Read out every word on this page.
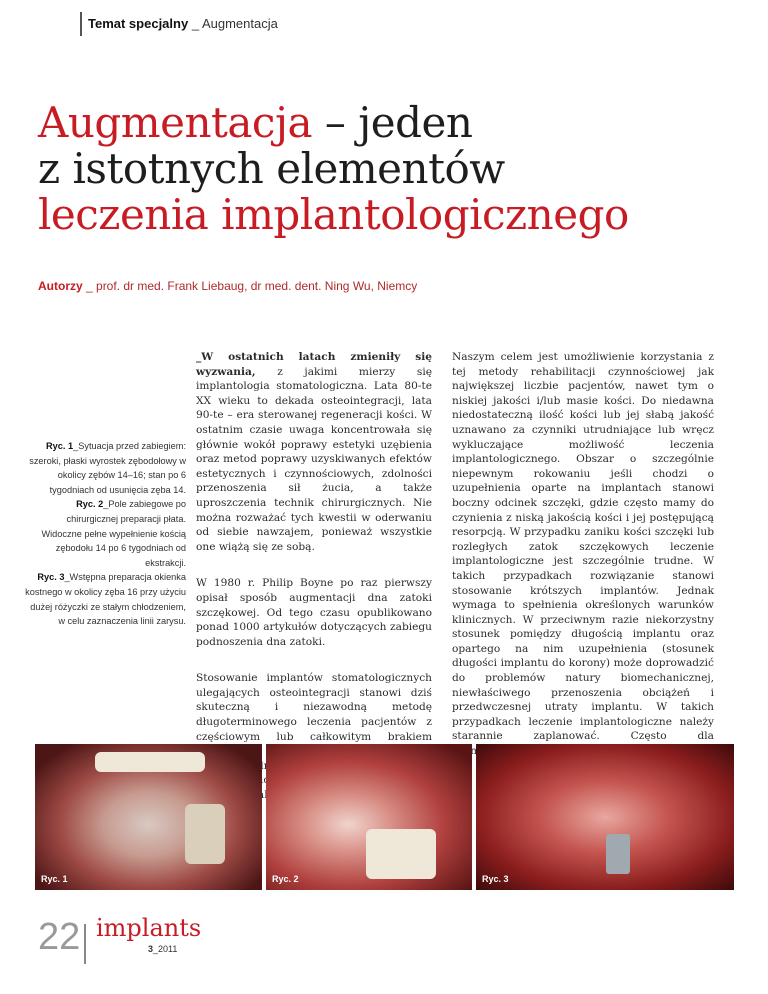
Temat specjalny _ Augmentacja
Augmentacja – jeden
z istotnych elementów
leczenia implantologicznego
Autorzy _ prof. dr med. Frank Liebaug, dr med. dent. Ning Wu, Niemcy

_W ostatnich latach zmieniły się wyzwania, z jakimi mierzy się implantologia stomatologiczna. Lata 80-te XX wieku to dekada osteointegracji, lata 90-te – era sterowanej regeneracji kości. W ostatnim czasie uwaga koncentrowała się głównie wokół poprawy estetyki uzębienia oraz metod poprawy uzyskiwanych efektów estetycznych i czynnościowych, zdolności przenoszenia sił żucia, a także uproszczenia technik chirurgicznych. Nie można rozważać tych kwestii w oderwaniu od siebie nawzajem, ponieważ wszystkie one wiążą się ze sobą.

W 1980 r. Philip Boyne po raz pierwszy opisał sposób augmentacji dna zatoki szczękowej. Od tego czasu opublikowano ponad 1000 artykułów dotyczących zabiegu podnoszenia dna zatoki.

Stosowanie implantów stomatologicznych ulegających osteointegracji stanowi dziś skuteczną i niezawodną metodę długoterminowego leczenia pacjentów z częściowym lub całkowitym brakiem

Naszym celem jest umożliwienie korzystania z tej metody rehabilitacji czynnościowej jak największej liczbie pacjentów, nawet tym o niskiej jakości i/lub masie kości. Do niedawna niedostateczną ilość kości lub jej słabą jakość uznawano za czynniki utrudniające lub wręcz wykluczające możliwość leczenia implantologicznego. Obszar o szczególnie niepewnym rokowaniu jeśli chodzi o uzupełnienia oparte na implantach stanowi boczny odcinek szczęki, gdzie często mamy do czynienia z niską jakością kości i jej postępującą resorpcją. W przypadku zaniku kości szczęki lub rozległych zatok szczękowych leczenie implantologiczne jest szczególnie trudne. W takich przypadkach rozwiązanie stanowi stosowanie krótszych implantów. Jednak wymaga to spełnienia określonych warunków klinicznych. W przeciwnym razie niekorzystny stosunek pomiędzy długością implantu oraz opartego na nim uzupełnienia (stosunek długości implantu do korony) może doprowadzić do problemów natury biomechanicznej, niewłaściwego przenoszenia obciążeń i przedwczesnej utraty implantu. W takich przypadkach leczenie implantologiczne należy starannie zaplanować. Często dla

Ryc. 1_Sytuacja przed zabiegiem: szeroki, płaski wyrostek zębodołowy w okolicy zębów 14–16; stan po 6 tygodniach od usunięcia zęba 14.

Ryc. 2_Pole zabiegowe po chirurgicznej preparacji płata. Widoczne pełne wypełnienie kością zębodołu 14 po 6 tygodniach od ekstrakcji.

Ryc. 3_Wstępna preparacja okienka kostnego w okolicy zęba 16 przy użyciu dużej różyczki ze stałym chłodzeniem, w celu zaznaczenia linii zarysu.

Ryc. 1	Ryc. 2	Ryc. 3
22 implants
3_2011
